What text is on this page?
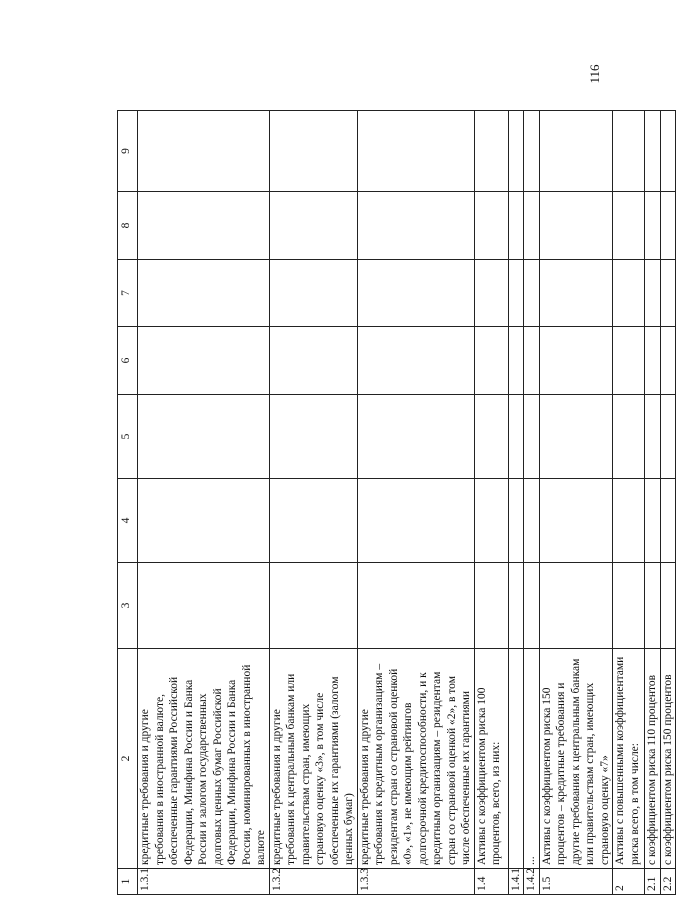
116
1	2	3	4	5	6	7	8	9
1.3.1	кредитные требования и другие требования в иностранной валюте, обеспеченные гарантиями Российской Федерации, Минфина России и Банка России и залогом государственных долговых ценных бумаг Российской Федерации, Минфина России и Банка России, номинированных в иностранной валюте							
1.3.2	кредитные требования и другие требования к центральным банкам или правительствам стран, имеющих страновую оценку «3», в том числе обеспеченные их гарантиями (залогом ценных бумаг)							
1.3.3	кредитные требования и другие требования к кредитным организациям – резидентам стран со страновой оценкой «0», «1», не имеющим рейтингов долгосрочной кредитоспособности, и к кредитным организациям – резидентам стран со страновой оценкой «2», в том числе обеспеченные их гарантиями							
1.4	Активы с коэффициентом риска 100 процентов, всего, из них:							
1.4.1								
1.4.2	...							
1.5	Активы с коэффициентом риска 150 процентов – кредитные требования и другие требования к центральным банкам или правительствам стран, имеющих страновую оценку «7»							
2	Активы с повышенными коэффициентами риска всего, в том числе:							
2.1	с коэффициентом риска 110 процентов							
2.2	с коэффициентом риска 150 процентов							
